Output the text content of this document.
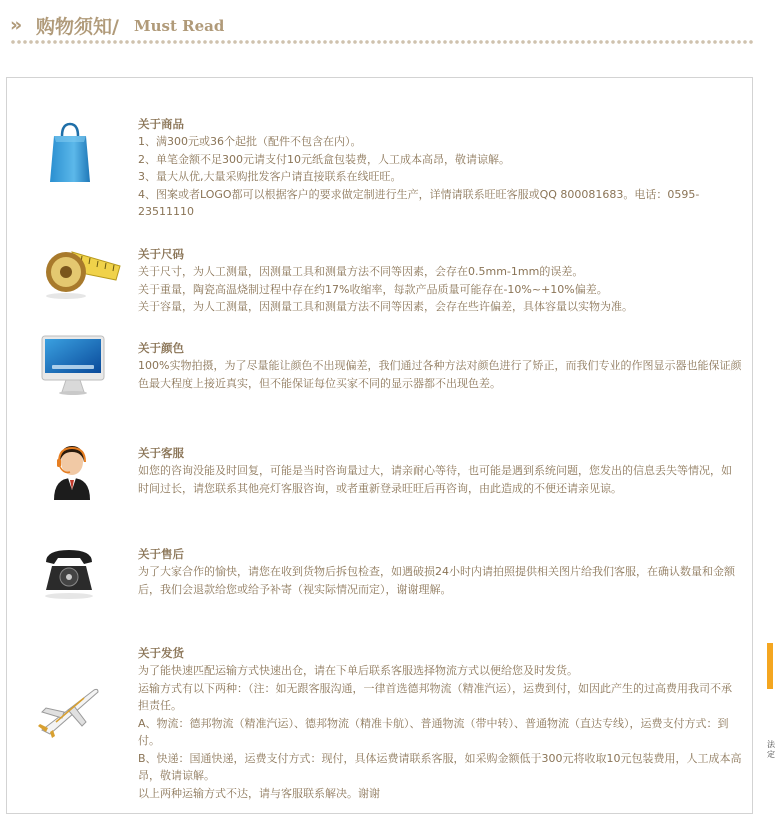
» 购物须知/ Must Read
关于商品

1、满300元或36个起批（配件不包含在内）。

2、单笔金额不足300元请支付10元纸盒包装费，人工成本高昂，敬请谅解。

3、量大从优,大量采购批发客户请直接联系在线旺旺。

4、图案或者LOGO都可以根据客户的要求做定制进行生产，详情请联系旺旺客服或QQ 800081683。电话：0595-23511110

关于尺码

关于尺寸，为人工测量，因测量工具和测量方法不同等因素，会存在0.5mm-1mm的误差。

关于重量，陶瓷高温烧制过程中存在约17%收缩率，每款产品质量可能存在-10%~+10%偏差。

关于容量，为人工测量，因测量工具和测量方法不同等因素，会存在些许偏差，具体容量以实物为准。

关于颜色

100%实物拍摄，为了尽量能让颜色不出现偏差，我们通过各种方法对颜色进行了矫正，而我们专业的作图显示器也能保证颜色最大程度上接近真实，但不能保证每位买家不同的显示器都不出现色差。

关于客服

如您的咨询没能及时回复，可能是当时咨询量过大，请亲耐心等待，也可能是遇到系统问题，您发出的信息丢失等情况，如时间过长，请您联系其他亮灯客服咨询，或者重新登录旺旺后再咨询，由此造成的不便还请亲见谅。

关于售后

为了大家合作的愉快，请您在收到货物后拆包检查，如遇破损24小时内请拍照提供相关图片给我们客服，在确认数量和金额后，我们会退款给您或给予补寄（视实际情况而定），谢谢理解。

关于发货

为了能快速匹配运输方式快速出仓，请在下单后联系客服选择物流方式以便给您及时发货。

运输方式有以下两种：（注：如无跟客服沟通，一律首选德邦物流（精准汽运），运费到付，如因此产生的过高费用我司不承担责任。

A、物流：德邦物流（精准汽运）、德邦物流（精准卡航）、普通物流（带中转）、普通物流（直达专线），运费支付方式：到付。

B、快递：国通快递，运费支付方式：现付，具体运费请联系客服，如采购金额低于300元将收取10元包装费用，人工成本高昂，敬请谅解。

以上两种运输方式不达，请与客服联系解决。谢谢

法定
